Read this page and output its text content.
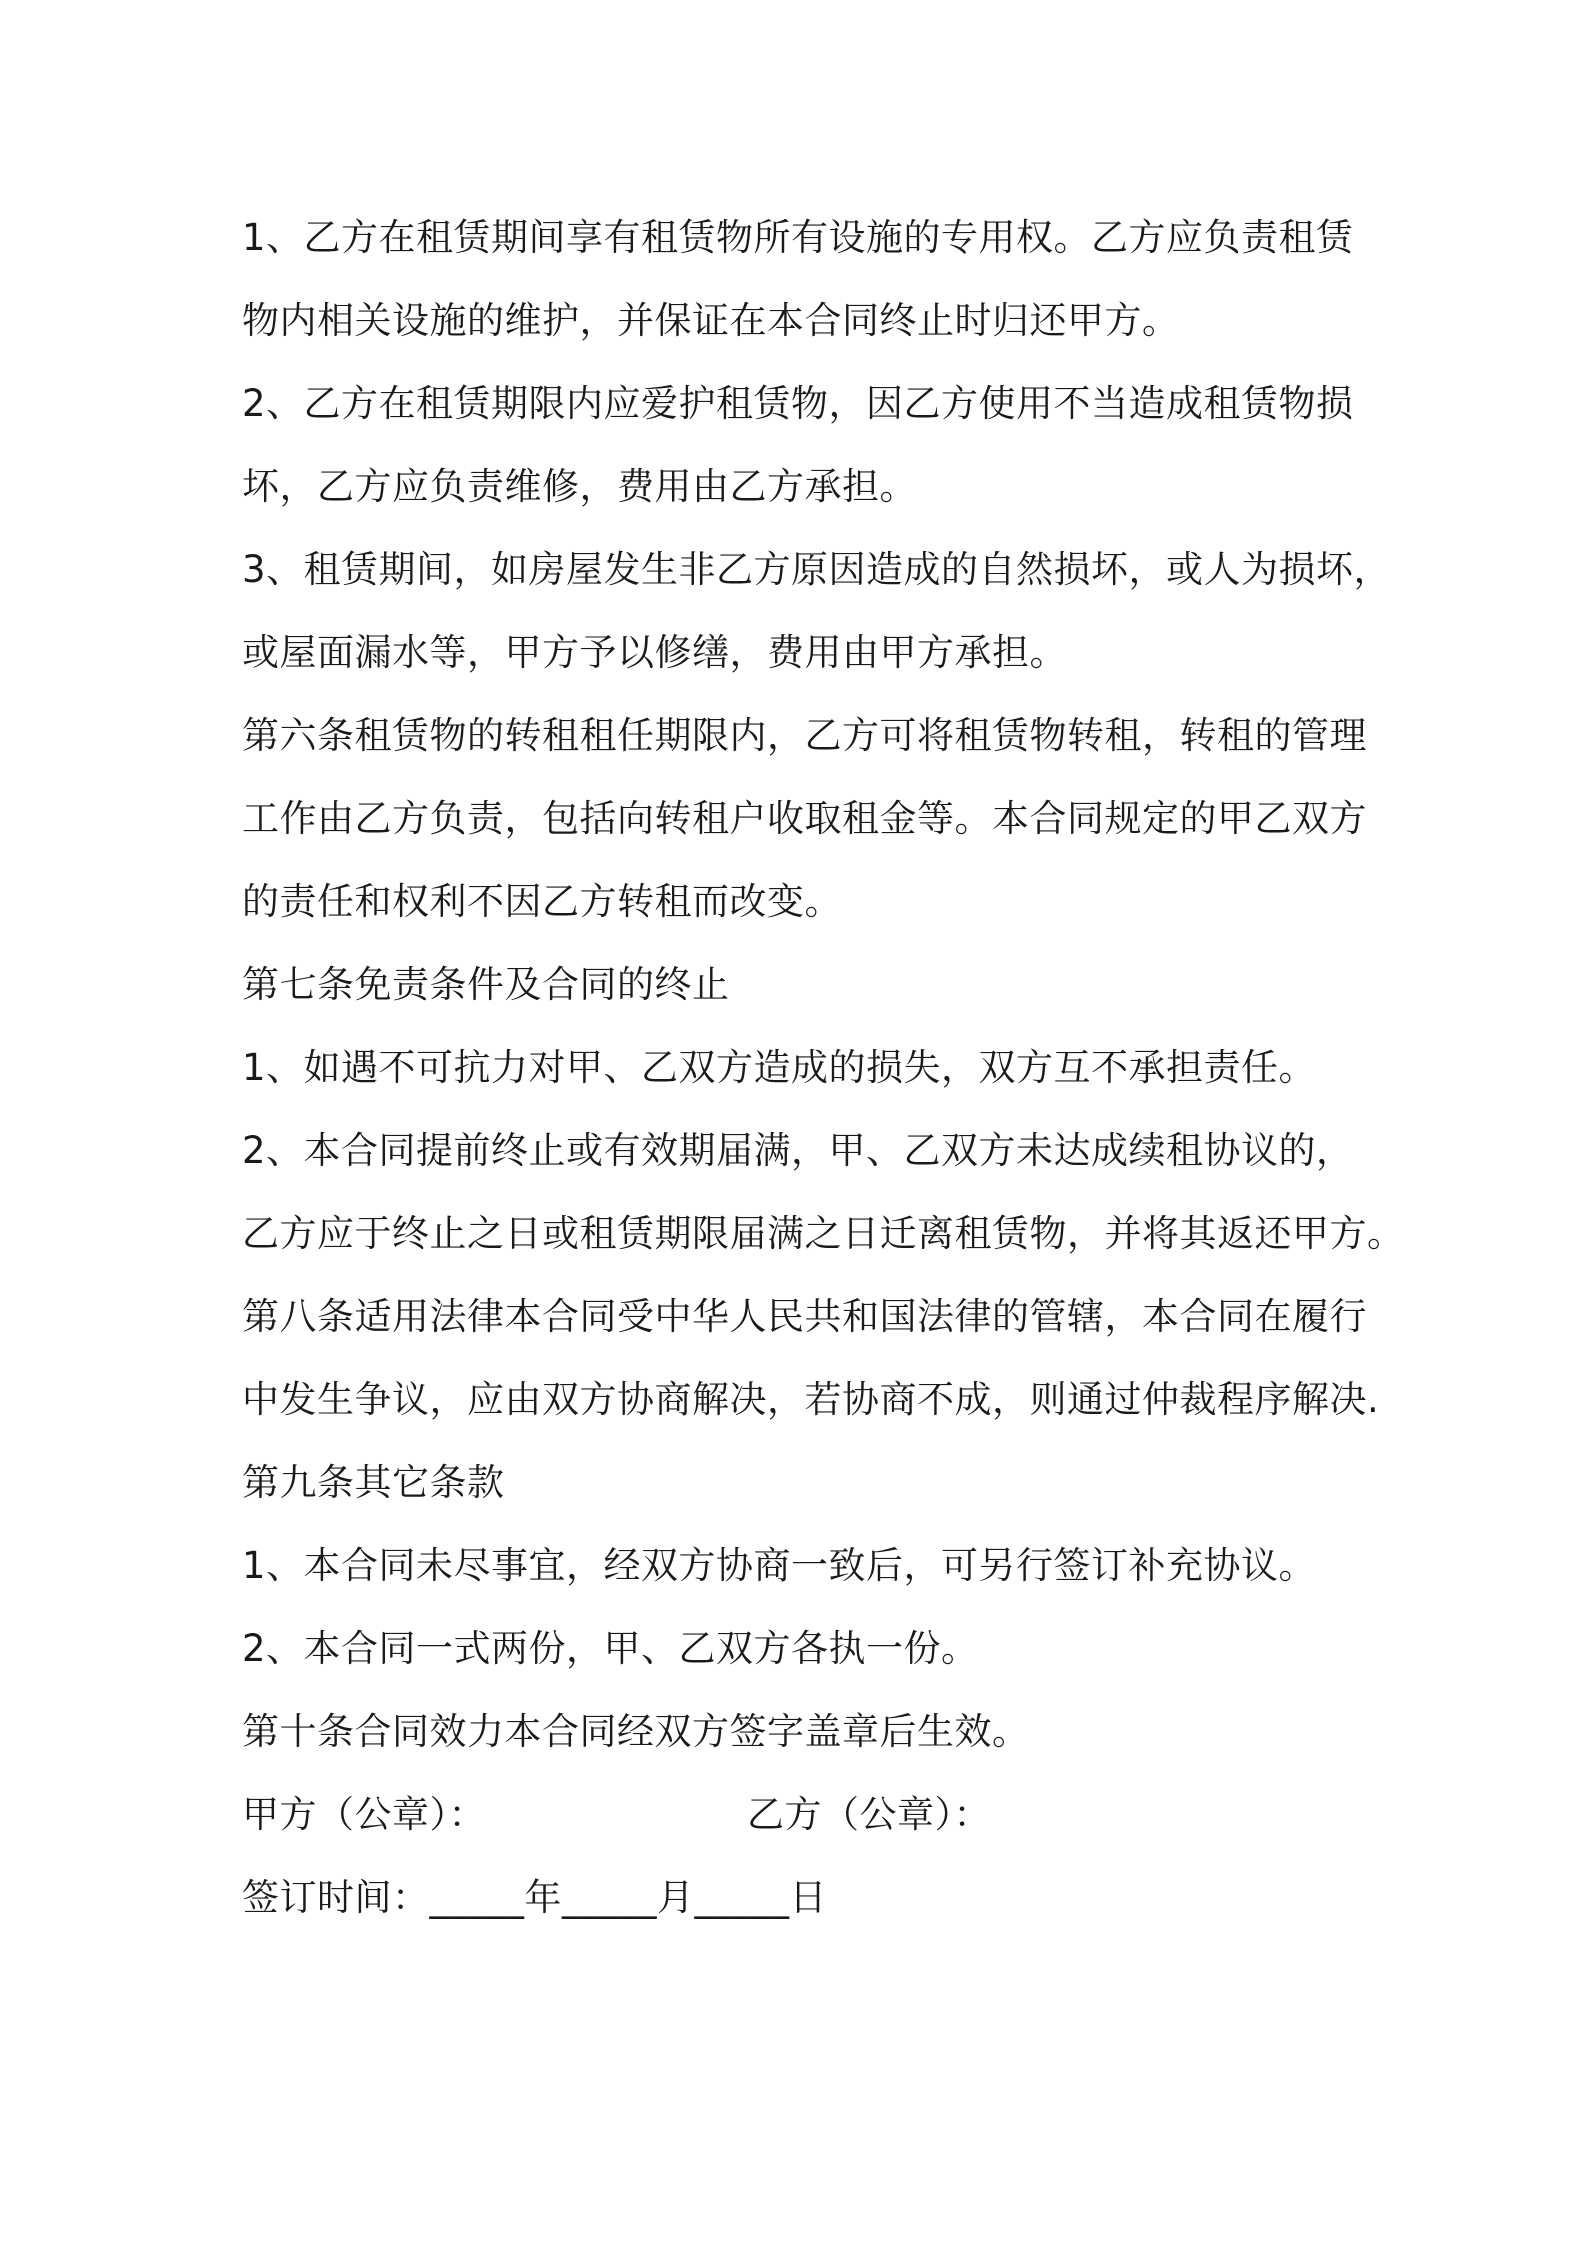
1、乙方在租赁期间享有租赁物所有设施的专用权。乙方应负责租赁

物内相关设施的维护，并保证在本合同终止时归还甲方。

2、乙方在租赁期限内应爱护租赁物，因乙方使用不当造成租赁物损

坏，乙方应负责维修，费用由乙方承担。

3、租赁期间，如房屋发生非乙方原因造成的自然损坏，或人为损坏，

或屋面漏水等，甲方予以修缮，费用由甲方承担。

第六条租赁物的转租租任期限内，乙方可将租赁物转租，转租的管理

工作由乙方负责，包括向转租户收取租金等。本合同规定的甲乙双方

的责任和权利不因乙方转租而改变。

第七条免责条件及合同的终止

1、如遇不可抗力对甲、乙双方造成的损失，双方互不承担责任。

2、本合同提前终止或有效期届满，甲、乙双方未达成续租协议的，

乙方应于终止之日或租赁期限届满之日迁离租赁物，并将其返还甲方。

第八条适用法律本合同受中华人民共和国法律的管辖，本合同在履行

中发生争议，应由双方协商解决，若协商不成，则通过仲裁程序解决.

第九条其它条款

1、本合同未尽事宜，经双方协商一致后，可另行签订补充协议。

2、本合同一式两份，甲、乙双方各执一份。

第十条合同效力本合同经双方签字盖章后生效。

甲方（公章）：	乙方（公章）：

签订时间：_____年_____月_____日
